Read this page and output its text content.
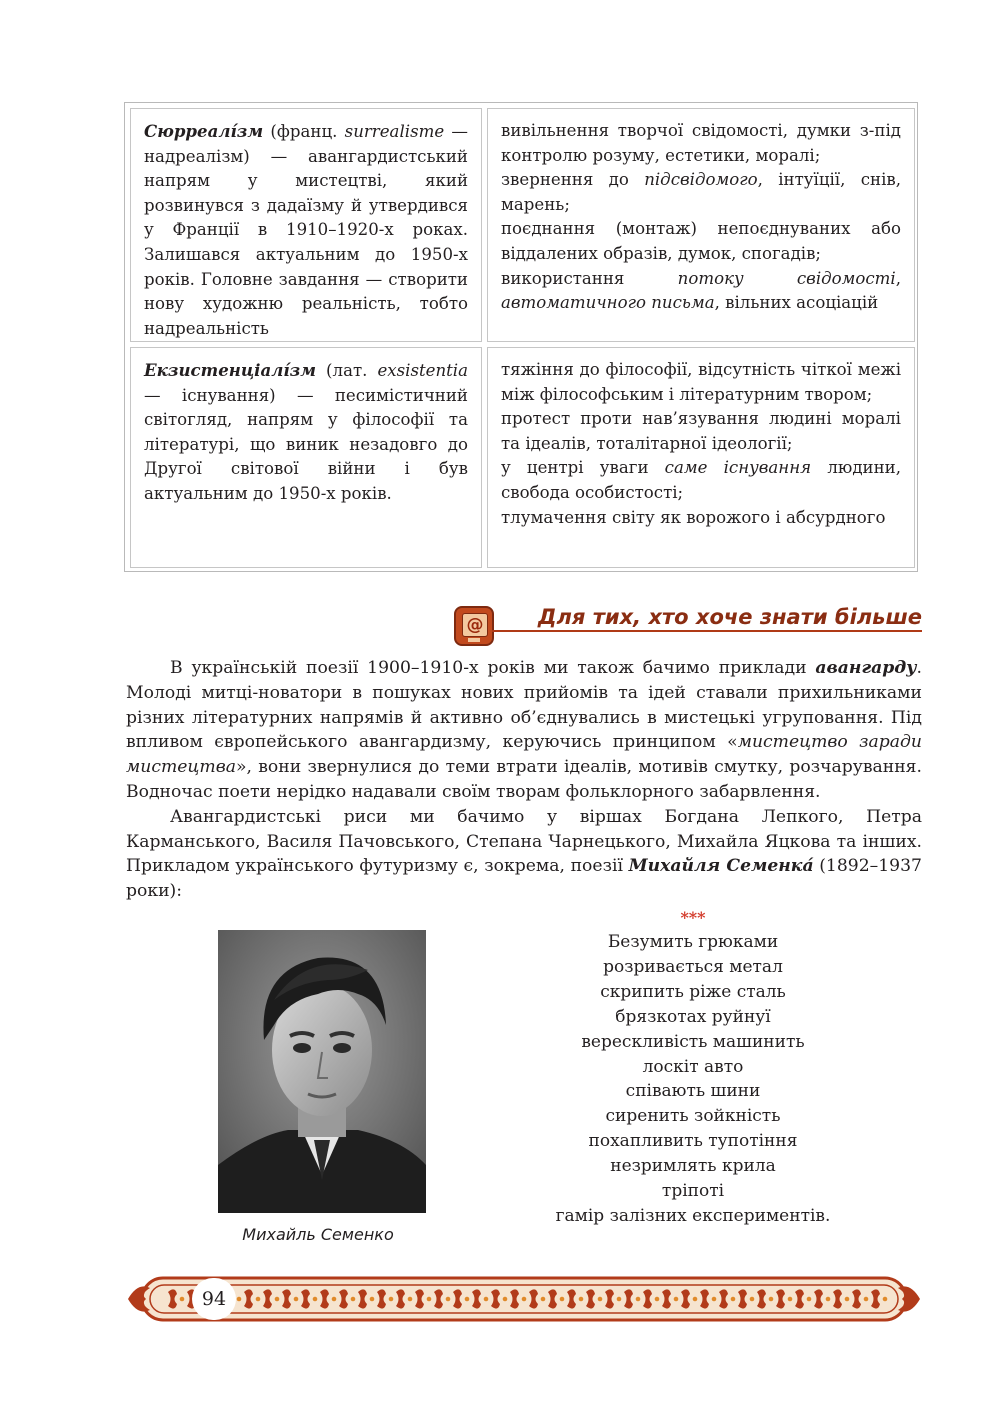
Сюрреалі́зм (франц. surrealisme — надреалізм) — авангардистський напрям у мистецтві, який розвинувся з дадаїзму й утвердився у Франції в 1910–1920-х роках. Залишався актуальним до 1950-х років. Головне завдання — створити нову художню реальність, тобто надреальність

вивільнення творчої свідомості, думки з-під контролю розуму, естетики, моралі;

звернення до підсвідомого, інтуїції, снів, марень;

поєднання (монтаж) непоєднуваних або віддалених образів, думок, спогадів;

використання потоку свідомості, автоматичного письма, вільних асоціацій

Екзистенціалі́зм (лат. exsistentia — існування) — песимістичний світогляд, напрям у філософії та літературі, що виник незадовго до Другої світової війни і був актуальним до 1950-х років.

тяжіння до філософії, відсутність чіткої межі між філософським і літературним твором;

протест проти нав’язування людині моралі та ідеалів, тоталітарної ідеології;

у центрі уваги саме існування людини, свобода особистості;

тлумачення світу як ворожого і абсурдного

@	Для тих, хто хоче знати більше

В українській поезії 1900–1910-х років ми також бачимо приклади авангарду. Молоді митці-новатори в пошуках нових прийомів та ідей ставали прихильниками різних літературних напрямів й активно об’єднувались в мистецькі угруповання. Під впливом європейського авангардизму, керуючись принципом «мистецтво заради мистецтва», вони звернулися до теми втрати ідеалів, мотивів смутку, розчарування. Водночас поети нерідко надавали своїм творам фольклорного забарвлення.

Авангардистські риси ми бачимо у віршах Богдана Лепкого, Петра Карманського, Василя Пачовського, Степана Чарнецького, Михайла Яцкова та інших. Прикладом українського футуризму є, зокрема, поезії Михайля Семенка́ (1892–1937 роки):

Михайль Семенко
***
Безумить грюками
розривається метал
скрипить ріже сталь
брязкотах руйнуї
верескливість машинить
лоскіт авто
співають шини
сиренить зойкність
похапливить тупотіння
незримлять крила
тріпоті
гамір залізних експериментів.
94
